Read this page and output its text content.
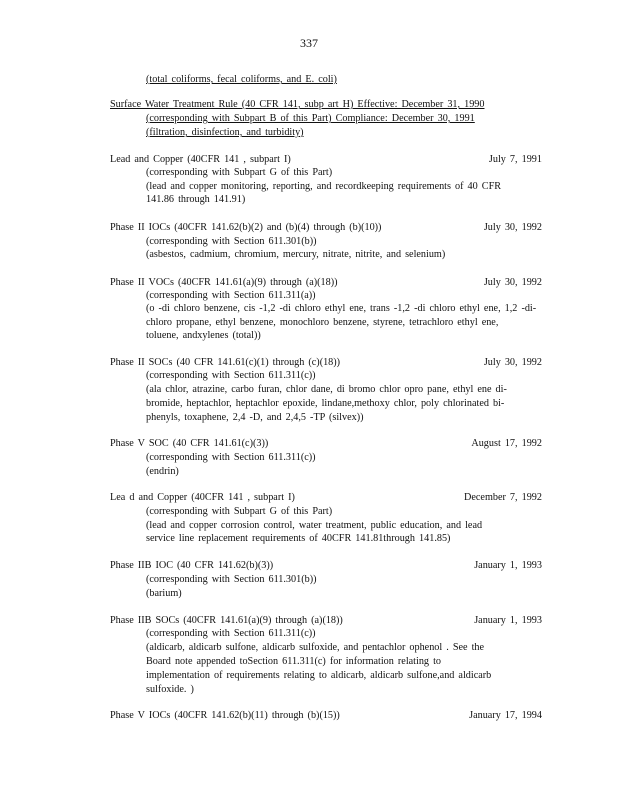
337
(total coliforms, fecal coliforms, and E. coli)
Surface Water Treatment Rule (40 CFR 141, subp art H) Effective: December 31, 1990
(corresponding with Subpart B of this Part) Compliance: December 30, 1991
(filtration, disinfection, and turbidity)
Lead and Copper (40CFR 141 , subpart I)	July 7, 1991
(corresponding with Subpart G of this Part)
(lead and copper monitoring, reporting, and recordkeeping requirements of 40 CFR
141.86 through 141.91)
Phase II IOCs (40CFR 141.62(b)(2) and (b)(4) through (b)(10))	July 30, 1992
(corresponding with Section 611.301(b))
(asbestos, cadmium, chromium, mercury, nitrate, nitrite, and selenium)
Phase II VOCs (40CFR 141.61(a)(9) through (a)(18))	July 30, 1992
(corresponding with Section 611.311(a))
(o -di chloro benzene, cis -1,2 -di chloro ethyl ene, trans -1,2 -di chloro ethyl ene, 1,2 -di-
chloro propane, ethyl benzene, monochloro benzene, styrene, tetrachloro ethyl ene,
toluene, andxylenes (total))
Phase II SOCs (40 CFR 141.61(c)(1) through (c)(18))	July 30, 1992
(corresponding with Section 611.311(c))
(ala chlor, atrazine, carbo furan, chlor dane, di bromo chlor opro pane, ethyl ene di-
bromide, heptachlor, heptachlor epoxide, lindane,methoxy chlor, poly chlorinated bi-
phenyls, toxaphene, 2,4 -D, and 2,4,5 -TP (silvex))
Phase V SOC (40 CFR 141.61(c)(3))	August 17, 1992
(corresponding with Section 611.311(c))
(endrin)
Lea d and Copper (40CFR 141 , subpart I)	December 7, 1992
(corresponding with Subpart G of this Part)
(lead and copper corrosion control, water treatment, public education, and lead
service line replacement requirements of 40CFR 141.81through 141.85)
Phase IIB IOC (40 CFR 141.62(b)(3))	January 1, 1993
(corresponding with Section 611.301(b))
(barium)
Phase IIB SOCs (40CFR 141.61(a)(9) through (a)(18))	January 1, 1993
(corresponding with Section 611.311(c))
(aldicarb, aldicarb sulfone, aldicarb sulfoxide, and pentachlor ophenol . See the
Board note appended toSection 611.311(c) for information relating to
implementation of requirements relating to aldicarb, aldicarb sulfone,and aldicarb
sulfoxide. )
Phase V IOCs (40CFR 141.62(b)(11) through (b)(15))	January 17, 1994
